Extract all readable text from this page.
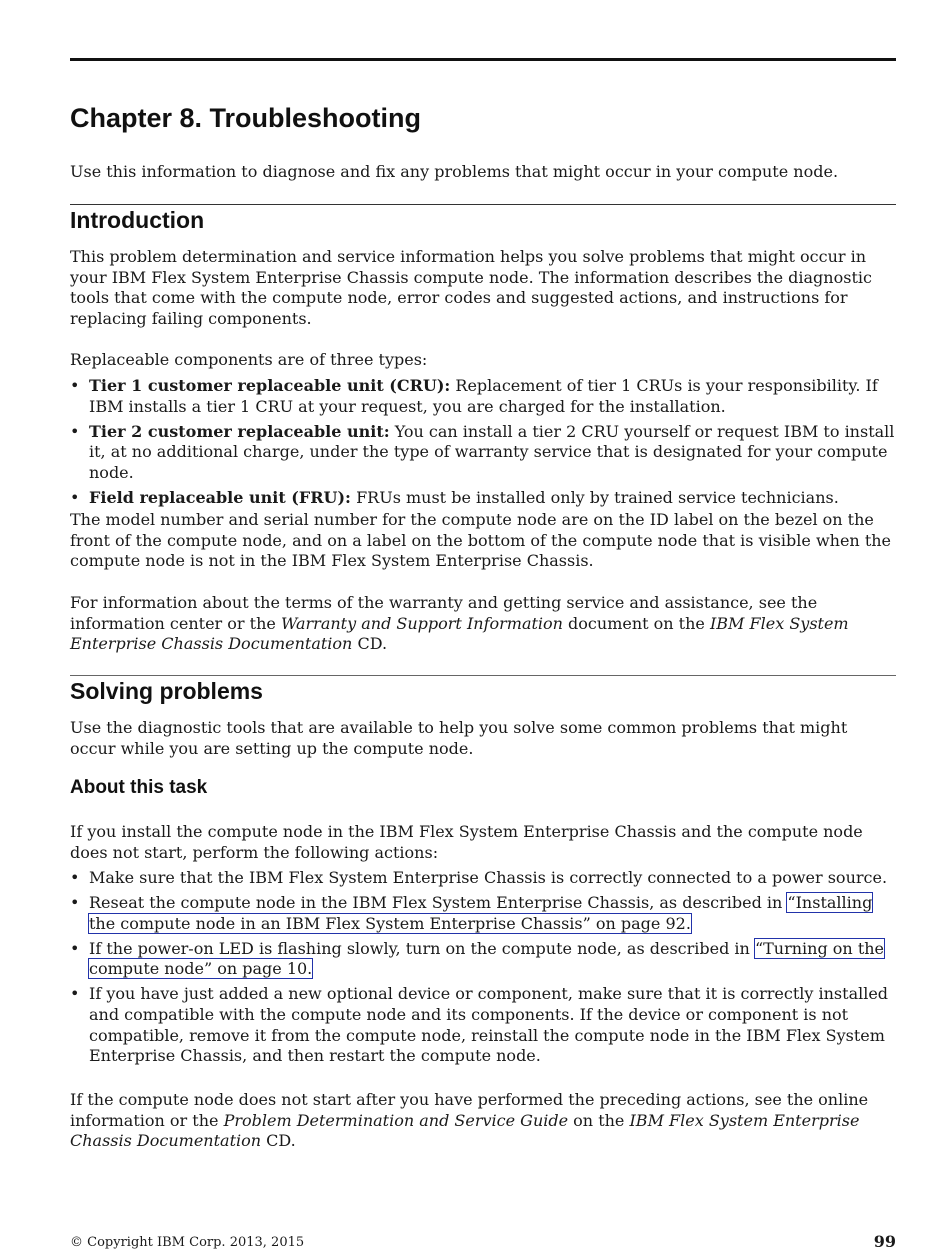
Chapter 8. Troubleshooting

Use this information to diagnose and fix any problems that might occur in your compute node.

Introduction

This problem determination and service information helps you solve problems that might occur in your IBM Flex System Enterprise Chassis compute node. The information describes the diagnostic tools that come with the compute node, error codes and suggested actions, and instructions for replacing failing components.

Replaceable components are of three types:

• Tier 1 customer replaceable unit (CRU): Replacement of tier 1 CRUs is your responsibility. If IBM installs a tier 1 CRU at your request, you are charged for the installation.
• Tier 2 customer replaceable unit: You can install a tier 2 CRU yourself or request IBM to install it, at no additional charge, under the type of warranty service that is designated for your compute node.
• Field replaceable unit (FRU): FRUs must be installed only by trained service technicians.

The model number and serial number for the compute node are on the ID label on the bezel on the front of the compute node, and on a label on the bottom of the compute node that is visible when the compute node is not in the IBM Flex System Enterprise Chassis.

For information about the terms of the warranty and getting service and assistance, see the information center or the Warranty and Support Information document on the IBM Flex System Enterprise Chassis Documentation CD.

Solving problems

Use the diagnostic tools that are available to help you solve some common problems that might occur while you are setting up the compute node.

About this task

If you install the compute node in the IBM Flex System Enterprise Chassis and the compute node does not start, perform the following actions:

• Make sure that the IBM Flex System Enterprise Chassis is correctly connected to a power source.
• Reseat the compute node in the IBM Flex System Enterprise Chassis, as described in “Installing the compute node in an IBM Flex System Enterprise Chassis” on page 92.
• If the power-on LED is flashing slowly, turn on the compute node, as described in “Turning on the compute node” on page 10.
• If you have just added a new optional device or component, make sure that it is correctly installed and compatible with the compute node and its components. If the device or component is not compatible, remove it from the compute node, reinstall the compute node in the IBM Flex System Enterprise Chassis, and then restart the compute node.

If the compute node does not start after you have performed the preceding actions, see the online information or the Problem Determination and Service Guide on the IBM Flex System Enterprise Chassis Documentation CD.

© Copyright IBM Corp. 2013, 2015	99
